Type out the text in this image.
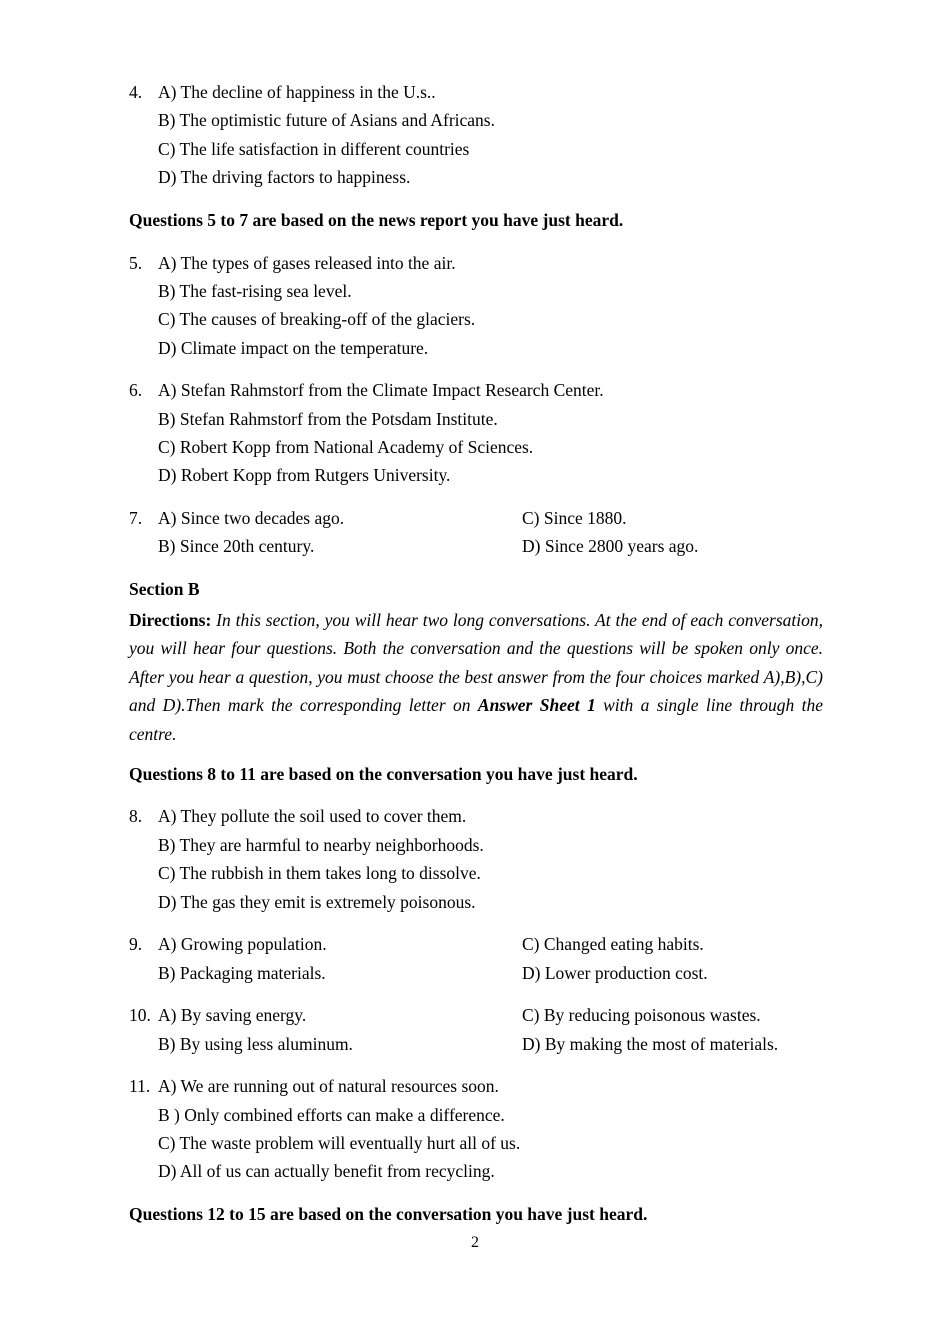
4. A) The decline of happiness in the U.s..
B) The optimistic future of Asians and Africans.
C) The life satisfaction in different countries
D) The driving factors to happiness.
Questions 5 to 7 are based on the news report you have just heard.
5. A) The types of gases released into the air.
B) The fast-rising sea level.
C) The causes of breaking-off of the glaciers.
D) Climate impact on the temperature.
6. A) Stefan Rahmstorf from the Climate Impact Research Center.
B) Stefan Rahmstorf from the Potsdam Institute.
C) Robert Kopp from National Academy of Sciences.
D) Robert Kopp from Rutgers University.
7. A) Since two decades ago.
B) Since 20th century.
C) Since 1880.
D) Since 2800 years ago.
Section B
Directions: In this section, you will hear two long conversations. At the end of each conversation, you will hear four questions. Both the conversation and the questions will be spoken only once. After you hear a question, you must choose the best answer from the four choices marked A),B),C) and D).Then mark the corresponding letter on Answer Sheet 1 with a single line through the centre.
Questions 8 to 11 are based on the conversation you have just heard.
8. A) They pollute the soil used to cover them.
B) They are harmful to nearby neighborhoods.
C) The rubbish in them takes long to dissolve.
D) The gas they emit is extremely poisonous.
9. A) Growing population.
B) Packaging materials.
C) Changed eating habits.
D) Lower production cost.
10. A) By saving energy.
B) By using less aluminum.
C) By reducing poisonous wastes.
D) By making the most of materials.
11. A) We are running out of natural resources soon.
B ) Only combined efforts can make a difference.
C) The waste problem will eventually hurt all of us.
D) All of us can actually benefit from recycling.
Questions 12 to 15 are based on the conversation you have just heard.
2
